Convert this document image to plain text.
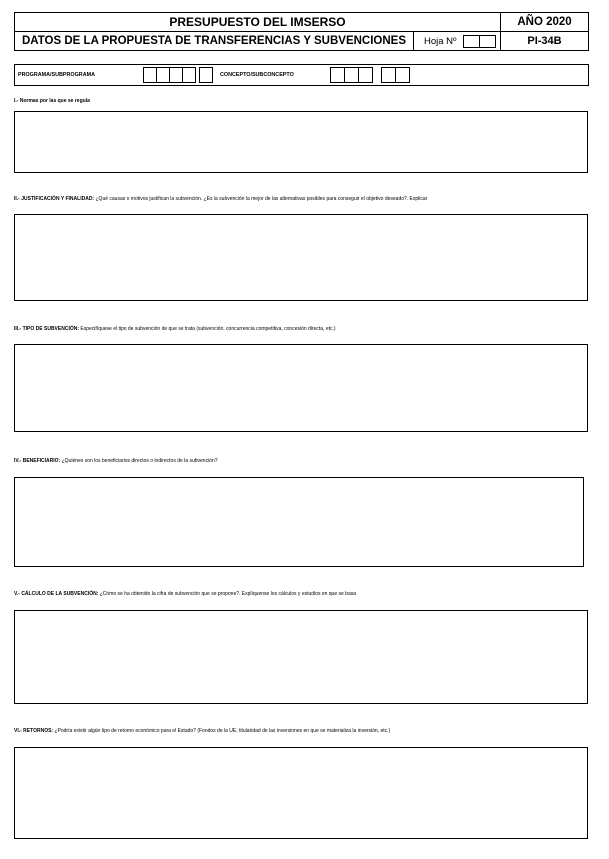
PRESUPUESTO DEL IMSERSO	AÑO 2020
DATOS DE LA PROPUESTA DE TRANSFERENCIAS Y SUBVENCIONES Hoja Nº	PI-34B
PROGRAMA/SUBPROGRAMA	CONCEPTO/SUBCONCEPTO
I.- Normas por las que se regula
II.- JUSTIFICACIÓN Y FINALIDAD: ¿Qué causas o motivos justifican la subvención. ¿Es la subvención la mejor de las alternativas posibles para conseguir el objetivo deseado?. Explicar
III.- TIPO DE SUBVENCIÓN: Especifíquese el tipo de subvención de que se trata (subvención, concurrencia competitiva, concesión directa, etc.)
IV.- BENEFICIARIO: ¿Quiénes son los beneficiarios directos o indirectos de la subvención?
V.- CÁLCULO DE LA SUBVENCIÓN: ¿Cómo se ha obtenido la cifra de subvención que se propone?. Explíquense los cálculos y estudios en que se basa
VI.- RETORNOS: ¿Podría existir algún tipo de retorno económico para el Estado? (Fondos de la UE, titularidad de las inversiones en que se materializa la inversión, etc.)
